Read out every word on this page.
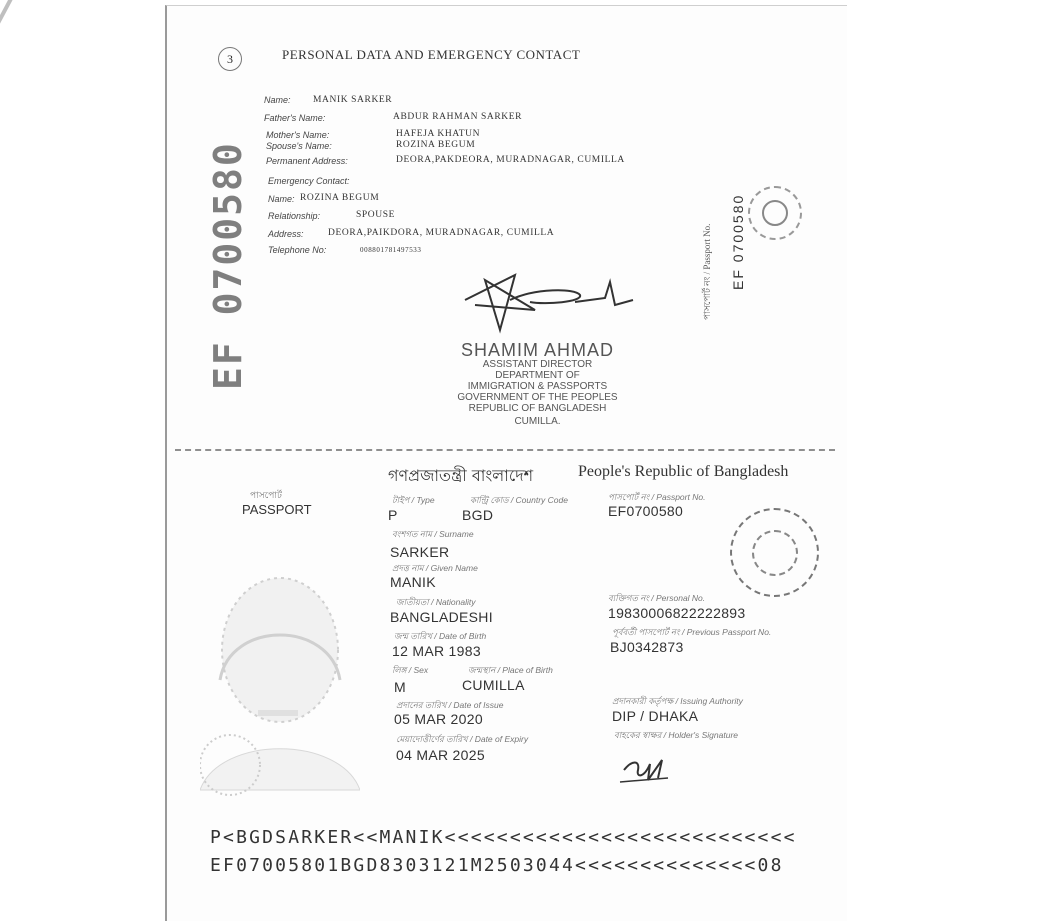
3	PERSONAL DATA AND EMERGENCY CONTACT
EF 0700580
Name: MANIK SARKER
Father's Name:	ABDUR RAHMAN SARKER
Mother's Name:	HAFEJA KHATUN
Spouse's Name:	ROZINA BEGUM
Permanent Address:	DEORA,PAKDEORA, MURADNAGAR, CUMILLA
Emergency Contact:
Name: ROZINA BEGUM
Relationship:	SPOUSE
Address:	DEORA,PAIKDORA, MURADNAGAR, CUMILLA
Telephone No:	008801781497533
SHAMIM AHMAD
ASSISTANT DIRECTOR
DEPARTMENT OF
IMMIGRATION & PASSPORTS
GOVERNMENT OF THE PEOPLES
REPUBLIC OF BANGLADESH
CUMILLA.
পাসপোর্ট নং / Passport No. EF 0700580
গণপ্রজাতন্ত্রী বাংলাদেশ	People's Republic of Bangladesh
পাসপোর্ট
PASSPORT
টাইপ / Type	কান্ট্রি কোড / Country Code	পাসপোর্ট নং / Passport No.
P	BGD	EF0700580
বংশগত নাম / Surname
SARKER
প্রদত্ত নাম / Given Name
MANIK
জাতীয়তা / Nationality
BANGLADESHI
ব্যক্তিগত নং / Personal No.
19830006822222893
জন্ম তারিখ / Date of Birth
12 MAR 1983
পূর্ববর্তী পাসপোর্ট নং / Previous Passport No.
BJ0342873
লিঙ্গ / Sex	জন্মস্থান / Place of Birth
M	CUMILLA
প্রদানের তারিখ / Date of Issue
05 MAR 2020
প্রদানকারী কর্তৃপক্ষ / Issuing Authority
DIP / DHAKA
মেয়াদোত্তীর্ণের তারিখ / Date of Expiry
04 MAR 2025
বাহকের স্বাক্ষর / Holder's Signature
P<BGDSARKER<<MANIK<<<<<<<<<<<<<<<<<<<<<<<<<<<
EF07005801BGD8303121M2503044<<<<<<<<<<<<<<08
